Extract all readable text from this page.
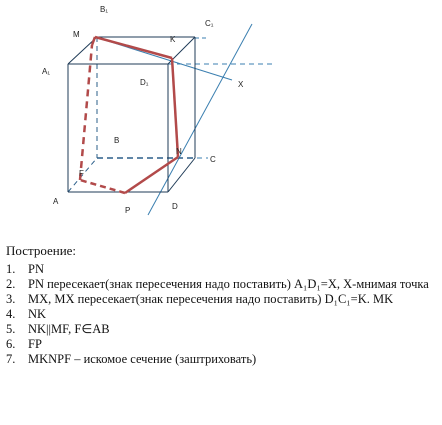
B₁
C₁
M
K
A₁
D₁	X
B
N
C
F
A
P	D
Построение:
1.	PN
2.	PN пересекает(знак пересечения надо поставить) A₁D₁=X, X-мнимая точка
3.	MX, MX пересекает(знак пересечения надо поставить) D₁C₁=K. MK
4.	NK
5.	NK||MF, F∈AB
6.	FP
7.	MKNPF – искомое сечение (заштриховать)
